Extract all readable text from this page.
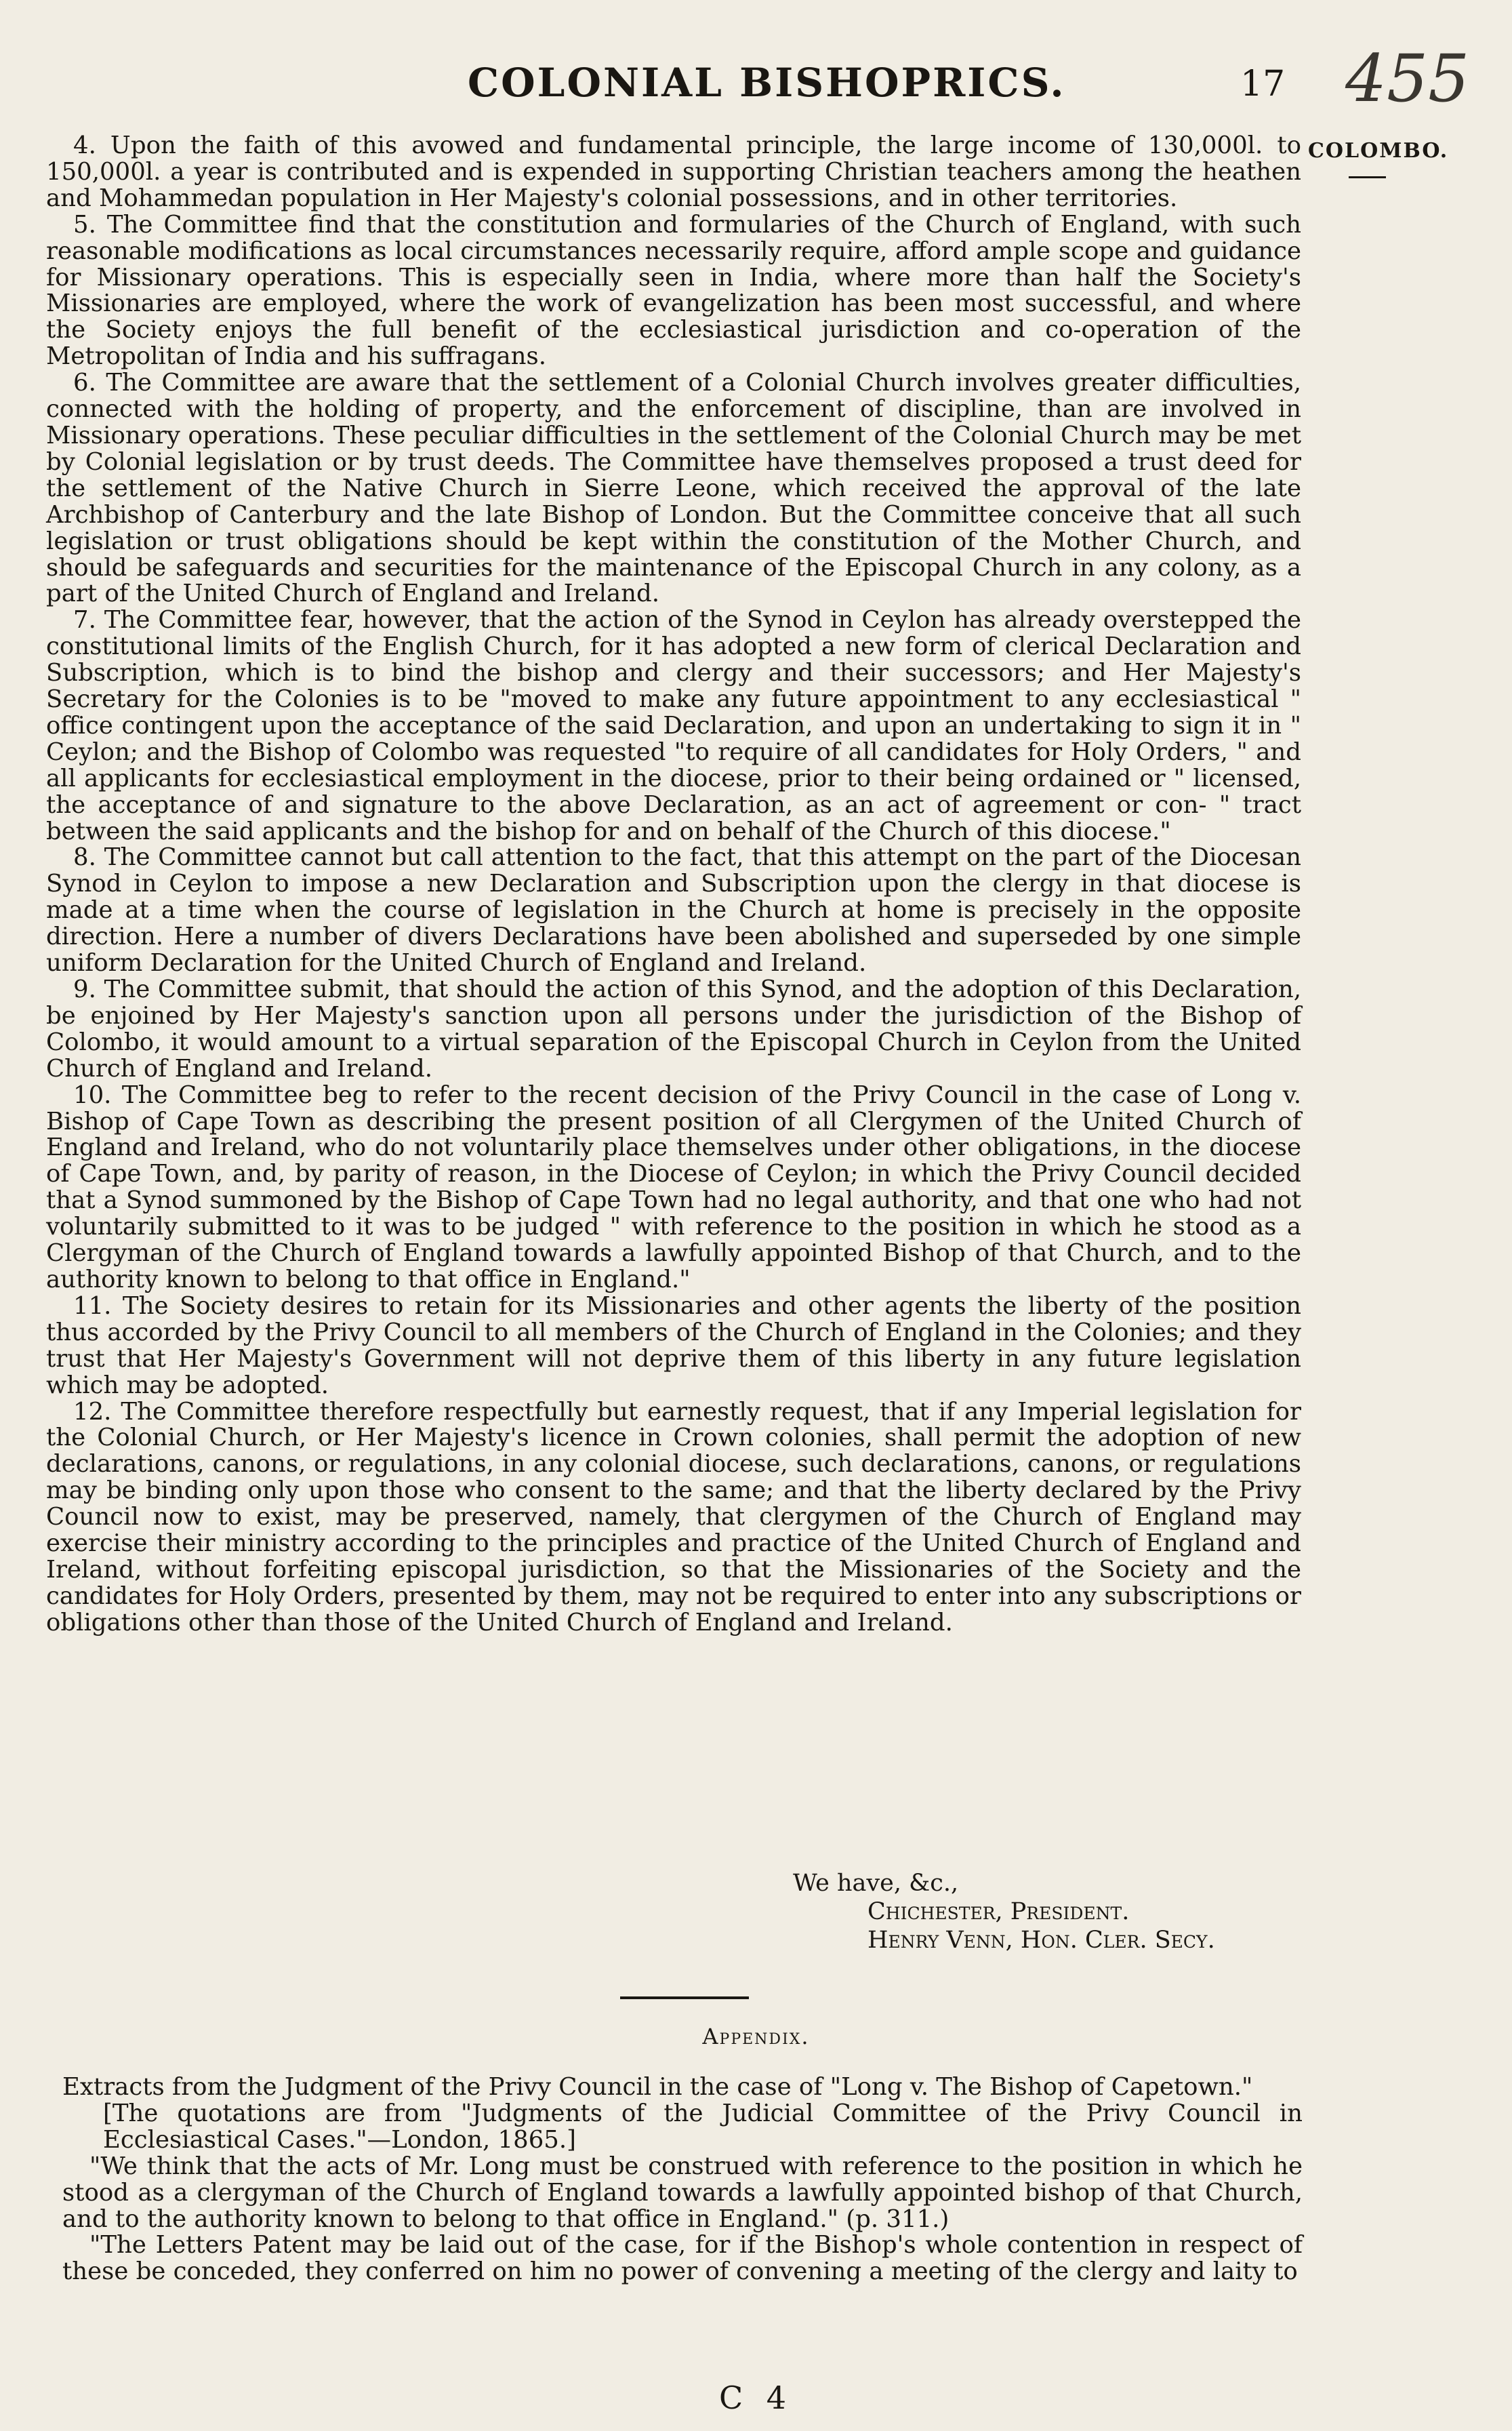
COLONIAL BISHOPRICS.	17 455
COLOMBO.

4. Upon the faith of this avowed and fundamental principle, the large income of 130,000l. to 150,000l. a year is contributed and is expended in supporting Christian teachers among the heathen and Mohammedan population in Her Majesty's colonial possessions, and in other territories.

5. The Committee find that the constitution and formularies of the Church of England, with such reasonable modifications as local circumstances necessarily require, afford ample scope and guidance for Missionary operations. This is especially seen in India, where more than half the Society's Missionaries are employed, where the work of evangelization has been most successful, and where the Society enjoys the full benefit of the ecclesiastical jurisdiction and co-operation of the Metropolitan of India and his suffragans.

6. The Committee are aware that the settlement of a Colonial Church involves greater difficulties, connected with the holding of property, and the enforcement of discipline, than are involved in Missionary operations. These peculiar difficulties in the settlement of the Colonial Church may be met by Colonial legislation or by trust deeds. The Committee have themselves proposed a trust deed for the settlement of the Native Church in Sierre Leone, which received the approval of the late Archbishop of Canterbury and the late Bishop of London. But the Committee conceive that all such legislation or trust obligations should be kept within the constitution of the Mother Church, and should be safeguards and securities for the maintenance of the Episcopal Church in any colony, as a part of the United Church of England and Ireland.

7. The Committee fear, however, that the action of the Synod in Ceylon has already overstepped the constitutional limits of the English Church, for it has adopted a new form of clerical Declaration and Subscription, which is to bind the bishop and clergy and their successors; and Her Majesty's Secretary for the Colonies is to be "moved to make any future appointment to any ecclesiastical " office contingent upon the acceptance of the said Declaration, and upon an undertaking to sign it in " Ceylon; and the Bishop of Colombo was requested "to require of all candidates for Holy Orders, " and all applicants for ecclesiastical employment in the diocese, prior to their being ordained or " licensed, the acceptance of and signature to the above Declaration, as an act of agreement or con- " tract between the said applicants and the bishop for and on behalf of the Church of this diocese."

8. The Committee cannot but call attention to the fact, that this attempt on the part of the Diocesan Synod in Ceylon to impose a new Declaration and Subscription upon the clergy in that diocese is made at a time when the course of legislation in the Church at home is precisely in the opposite direction. Here a number of divers Declarations have been abolished and superseded by one simple uniform Declaration for the United Church of England and Ireland.

9. The Committee submit, that should the action of this Synod, and the adoption of this Declaration, be enjoined by Her Majesty's sanction upon all persons under the jurisdiction of the Bishop of Colombo, it would amount to a virtual separation of the Episcopal Church in Ceylon from the United Church of England and Ireland.

10. The Committee beg to refer to the recent decision of the Privy Council in the case of Long v. Bishop of Cape Town as describing the present position of all Clergymen of the United Church of England and Ireland, who do not voluntarily place themselves under other obligations, in the diocese of Cape Town, and, by parity of reason, in the Diocese of Ceylon; in which the Privy Council decided that a Synod summoned by the Bishop of Cape Town had no legal authority, and that one who had not voluntarily submitted to it was to be judged " with reference to the position in which he stood as a Clergyman of the Church of England towards a lawfully appointed Bishop of that Church, and to the authority known to belong to that office in England."

11. The Society desires to retain for its Missionaries and other agents the liberty of the position thus accorded by the Privy Council to all members of the Church of England in the Colonies; and they trust that Her Majesty's Government will not deprive them of this liberty in any future legislation which may be adopted.

12. The Committee therefore respectfully but earnestly request, that if any Imperial legislation for the Colonial Church, or Her Majesty's licence in Crown colonies, shall permit the adoption of new declarations, canons, or regulations, in any colonial diocese, such declarations, canons, or regulations may be binding only upon those who consent to the same; and that the liberty declared by the Privy Council now to exist, may be preserved, namely, that clergymen of the Church of England may exercise their ministry according to the principles and practice of the United Church of England and Ireland, without forfeiting episcopal jurisdiction, so that the Missionaries of the Society and the candidates for Holy Orders, presented by them, may not be required to enter into any subscriptions or obligations other than those of the United Church of England and Ireland.

We have, &c.,
Chichester, President.
Henry Venn, Hon. Cler. Secy.
Appendix.

Extracts from the Judgment of the Privy Council in the case of "Long v. The Bishop of Capetown."

[The quotations are from "Judgments of the Judicial Committee of the Privy Council in Ecclesiastical Cases."—London, 1865.]

"We think that the acts of Mr. Long must be construed with reference to the position in which he stood as a clergyman of the Church of England towards a lawfully appointed bishop of that Church, and to the authority known to belong to that office in England." (p. 311.)

"The Letters Patent may be laid out of the case, for if the Bishop's whole contention in respect of these be conceded, they conferred on him no power of convening a meeting of the clergy and laity to

C 4
